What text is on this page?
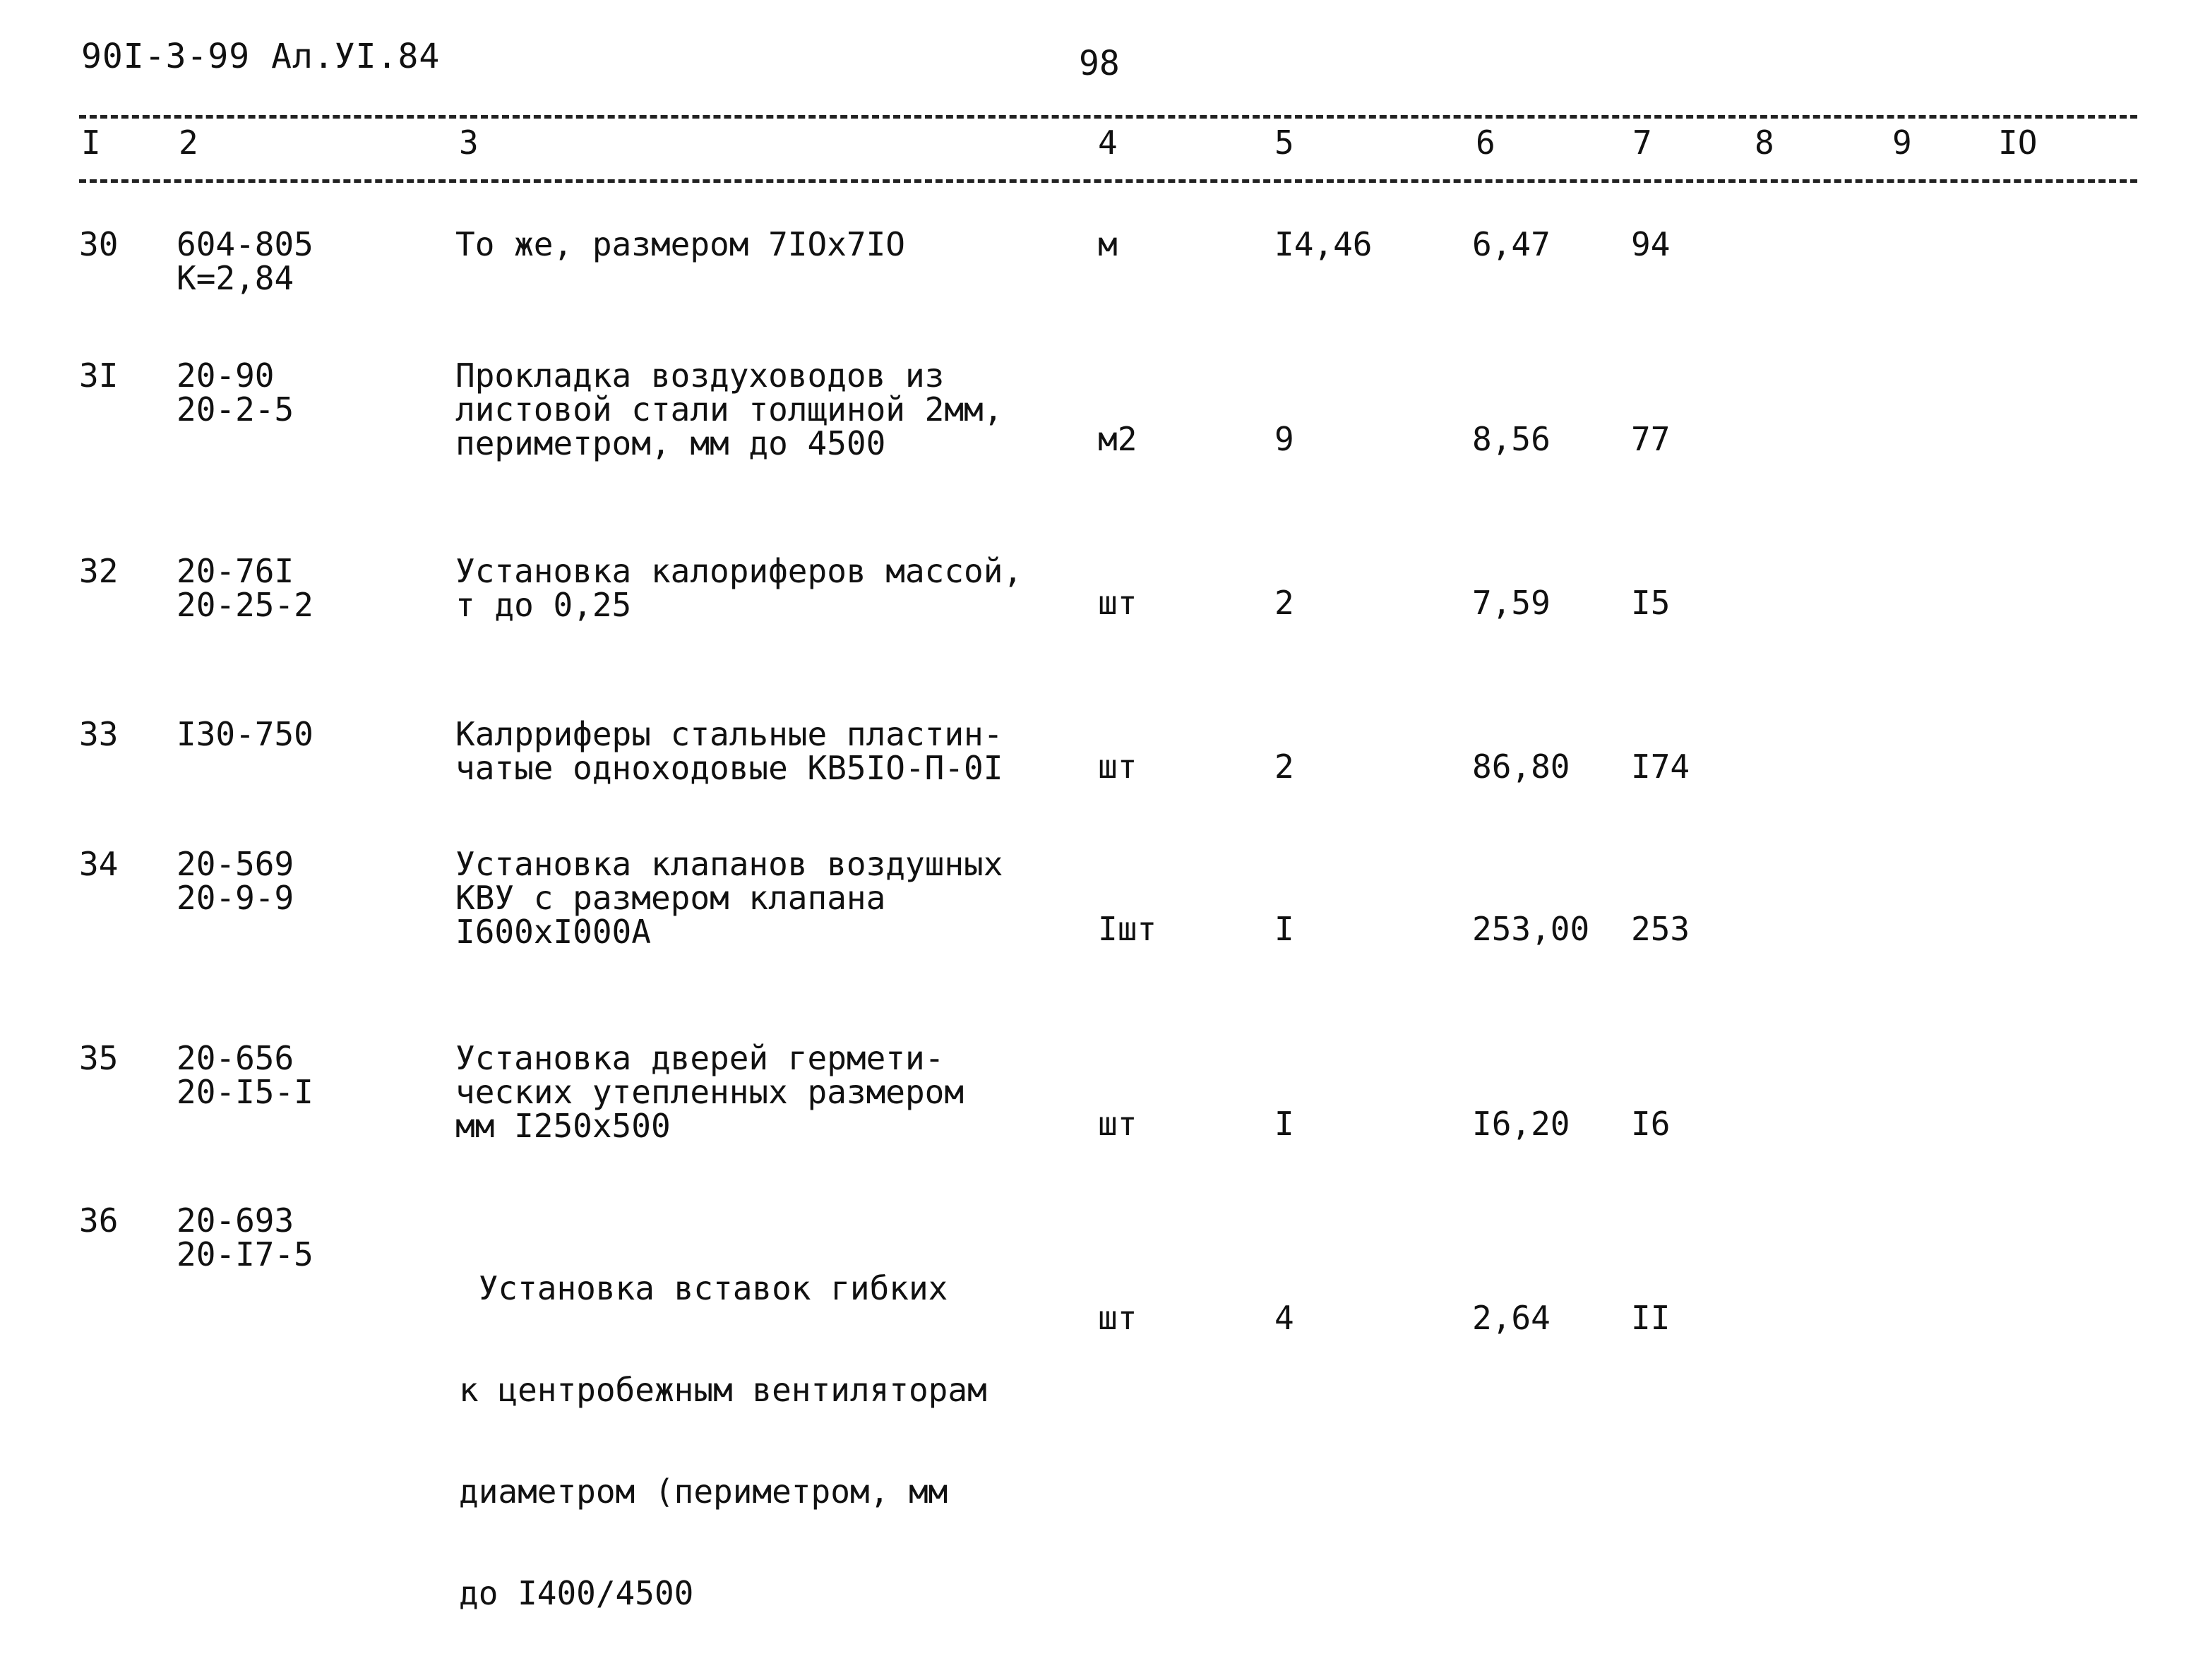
90I-3-99 Ал.УI.84	98
I 2	3	4	5	6	7	8	9	IO
30 604-805
К=2,84
То же, размером 7IOx7IO	м	I4,46	6,47 94
3I 20-90
20-2-5
Прокладка воздуховодов из
листовой стали толщиной 2мм,
периметром, мм до 4500	м2	9	8,56 77
32 20-76I
20-25-2
Установка калориферов массой,
т до 0,25	шт	2	7,59 I5
33 I30-750	Калрриферы стальные пластин-
чатые одноходовые КВ5IO-П-0I	шт	2	86,80 I74
34 20-569
20-9-9
Установка клапанов воздушных
КВУ с размером клапана
I600xI000А	Iшт	I	253,00 253
35 20-656
20-I5-I
Установка дверей гермети-
ческих утепленных размером
мм I250x500	шт	I	I6,20 I6
36 20-693
20-I7-5

Установка вставок гибких

к центробежным вентиляторам

диаметром (периметром, мм

до I400/4500

шт	4	2,64 II
